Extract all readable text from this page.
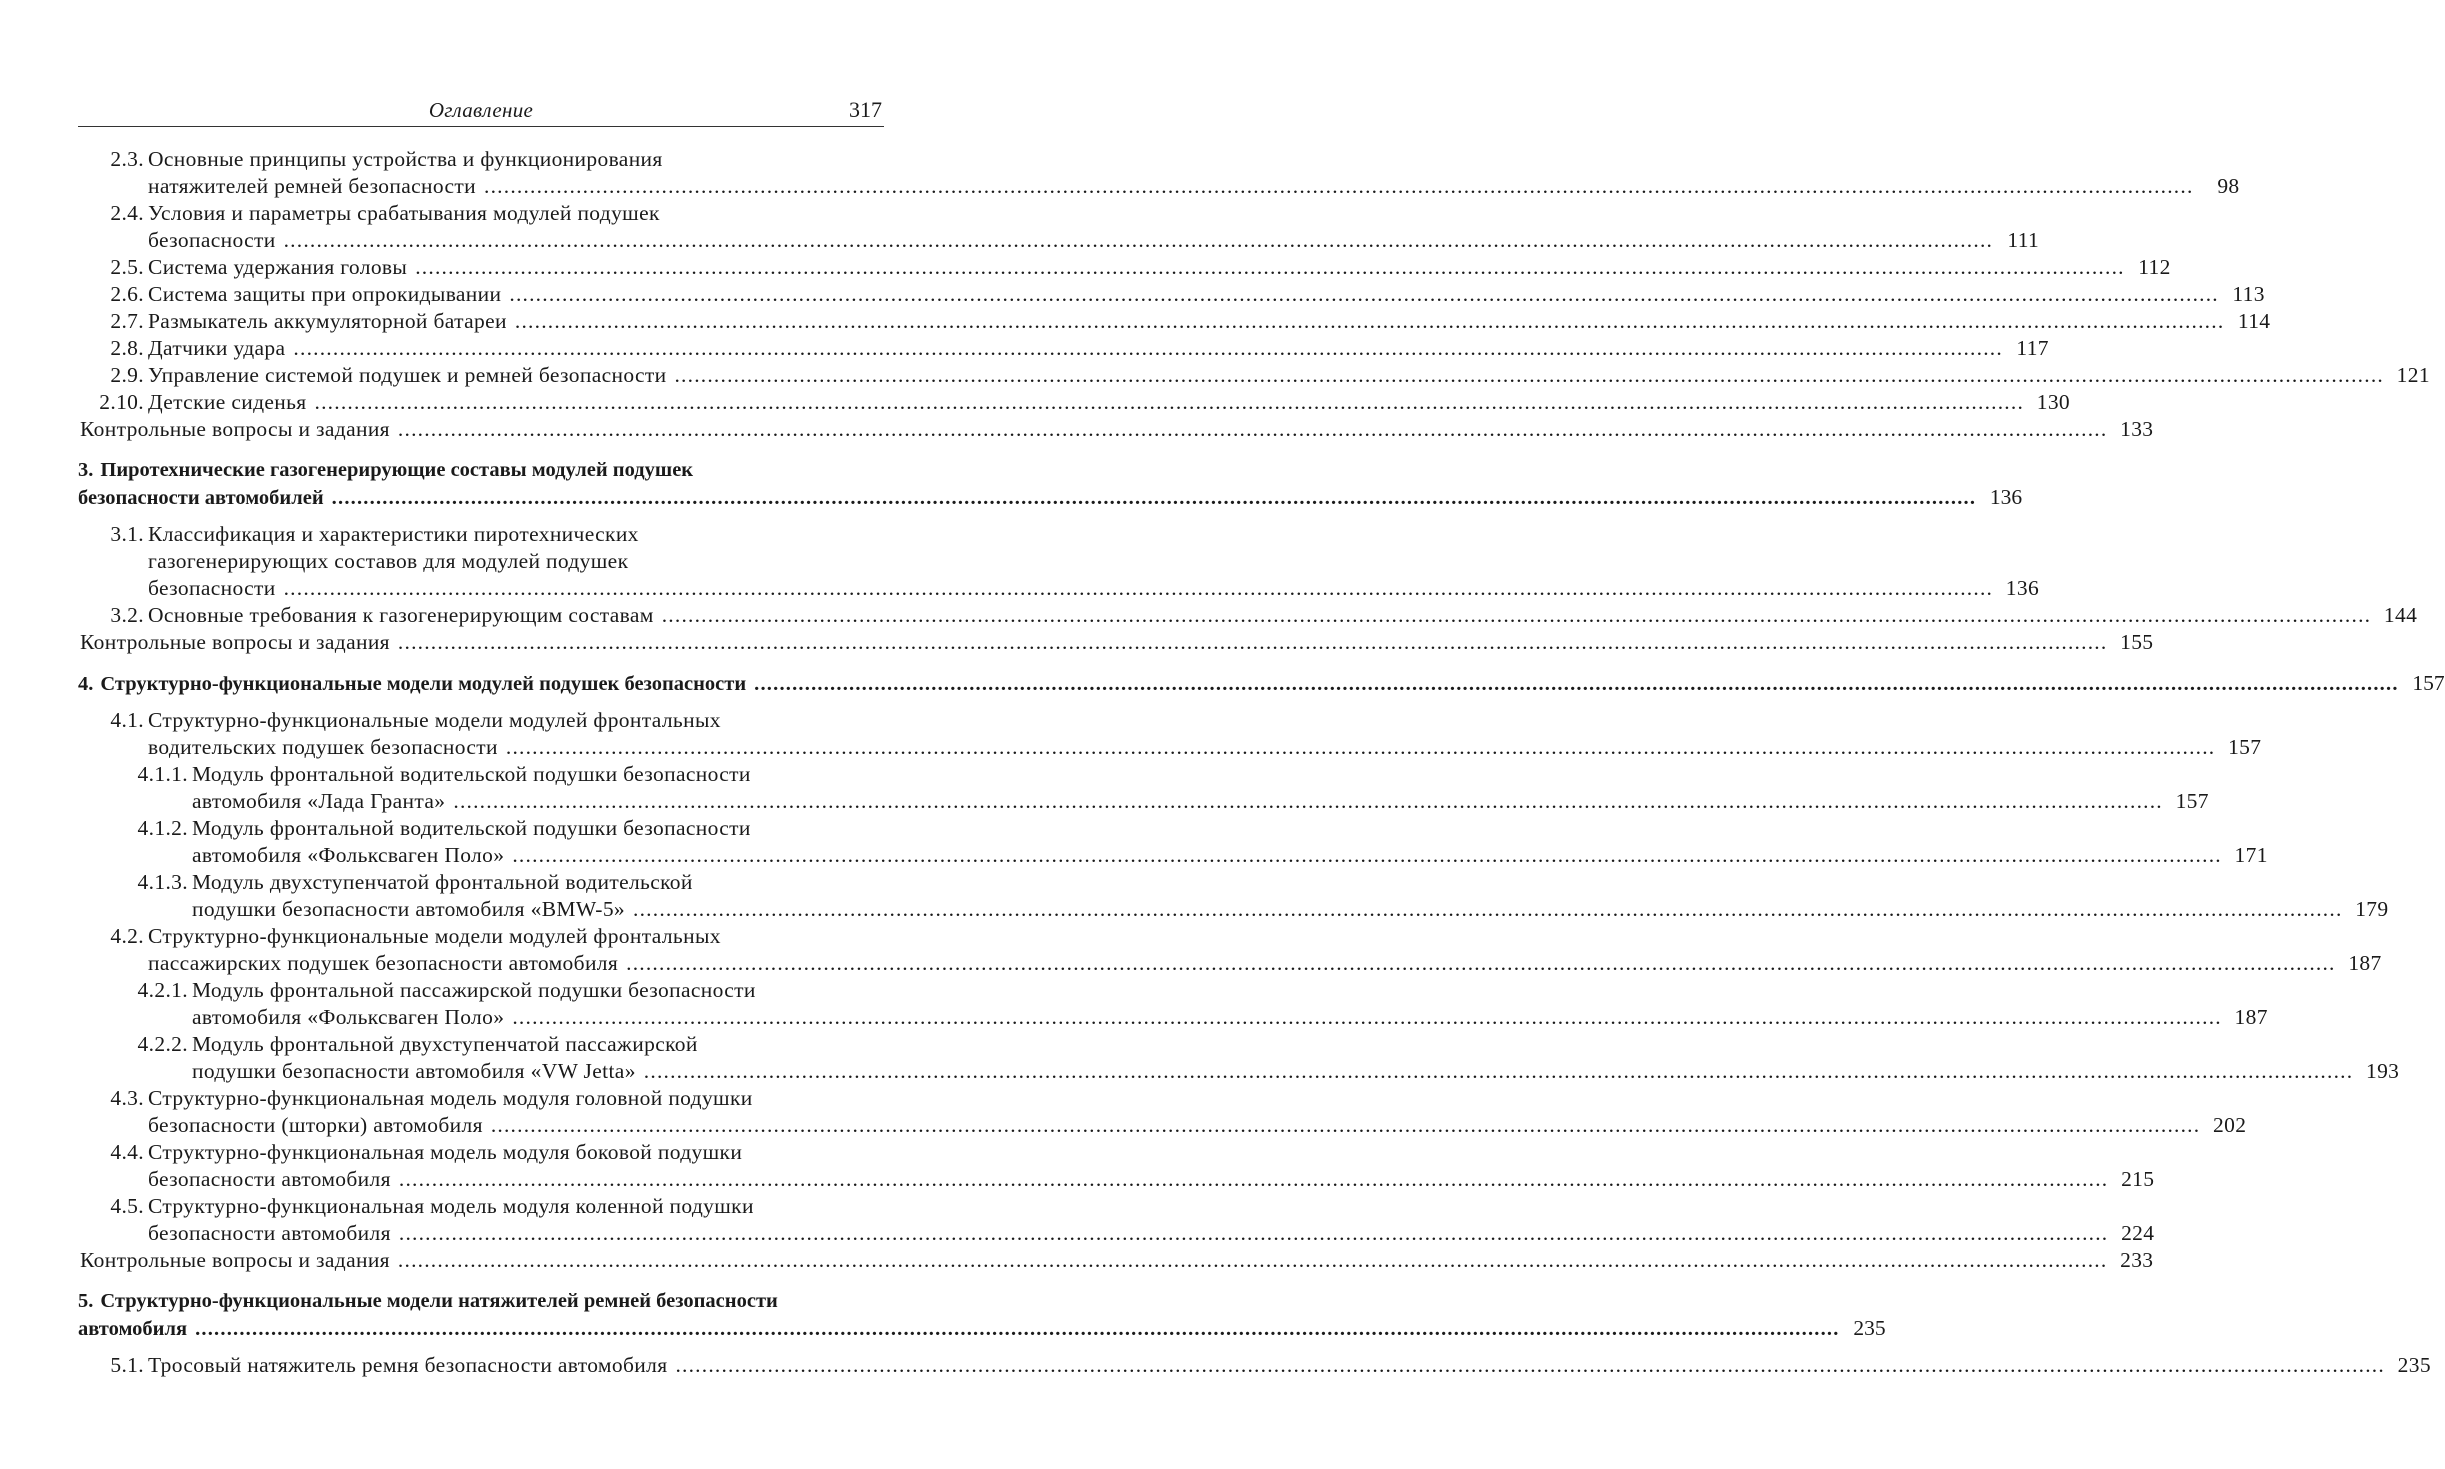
Оглавление	317
2.3. Основные принципы устройства и функционирования
натяжителей ремней безопасности ....................................................................................................................................................................................................................................................................	98
2.4. Условия и параметры срабатывания модулей подушек
безопасности .................................................................................................................................................................................................................................................................... 111
2.5. Система удержания головы .................................................................................................................................................................................................................................................................... 112
2.6. Система защиты при опрокидывании .................................................................................................................................................................................................................................................................... 113
2.7. Размыкатель аккумуляторной батареи .................................................................................................................................................................................................................................................................... 114
2.8. Датчики удара .................................................................................................................................................................................................................................................................... 117
2.9. Управление системой подушек и ремней безопасности .................................................................................................................................................................................................................................................................... 121
2.10. Детские сиденья .................................................................................................................................................................................................................................................................... 130
Контрольные вопросы и задания .................................................................................................................................................................................................................................................................... 133
3. Пиротехнические газогенерирующие составы модулей подушек
безопасности автомобилей .................................................................................................................................................................................................................................................................... 136
3.1. Классификация и характеристики пиротехнических
газогенерирующих составов для модулей подушек
безопасности .................................................................................................................................................................................................................................................................... 136
3.2. Основные требования к газогенерирующим составам .................................................................................................................................................................................................................................................................... 144
Контрольные вопросы и задания .................................................................................................................................................................................................................................................................... 155
4. Структурно-функциональные модели модулей подушек безопасности .................................................................................................................................................................................................................................................................... 157
4.1. Структурно-функциональные модели модулей фронтальных
водительских подушек безопасности .................................................................................................................................................................................................................................................................... 157
4.1.1. Модуль фронтальной водительской подушки безопасности
автомобиля «Лада Гранта» .................................................................................................................................................................................................................................................................... 157
4.1.2. Модуль фронтальной водительской подушки безопасности
автомобиля «Фольксваген Поло» .................................................................................................................................................................................................................................................................... 171
4.1.3. Модуль двухступенчатой фронтальной водительской
подушки безопасности автомобиля «BMW-5» .................................................................................................................................................................................................................................................................... 179
4.2. Структурно-функциональные модели модулей фронтальных
пассажирских подушек безопасности автомобиля .................................................................................................................................................................................................................................................................... 187
4.2.1. Модуль фронтальной пассажирской подушки безопасности
автомобиля «Фольксваген Поло» .................................................................................................................................................................................................................................................................... 187
4.2.2. Модуль фронтальной двухступенчатой пассажирской
подушки безопасности автомобиля «VW Jetta» .................................................................................................................................................................................................................................................................... 193
4.3. Структурно-функциональная модель модуля головной подушки
безопасности (шторки) автомобиля .................................................................................................................................................................................................................................................................... 202
4.4. Структурно-функциональная модель модуля боковой подушки
безопасности автомобиля .................................................................................................................................................................................................................................................................... 215
4.5. Структурно-функциональная модель модуля коленной подушки
безопасности автомобиля .................................................................................................................................................................................................................................................................... 224
Контрольные вопросы и задания .................................................................................................................................................................................................................................................................... 233
5. Структурно-функциональные модели натяжителей ремней безопасности
автомобиля .................................................................................................................................................................................................................................................................... 235
5.1. Тросовый натяжитель ремня безопасности автомобиля .................................................................................................................................................................................................................................................................... 235
